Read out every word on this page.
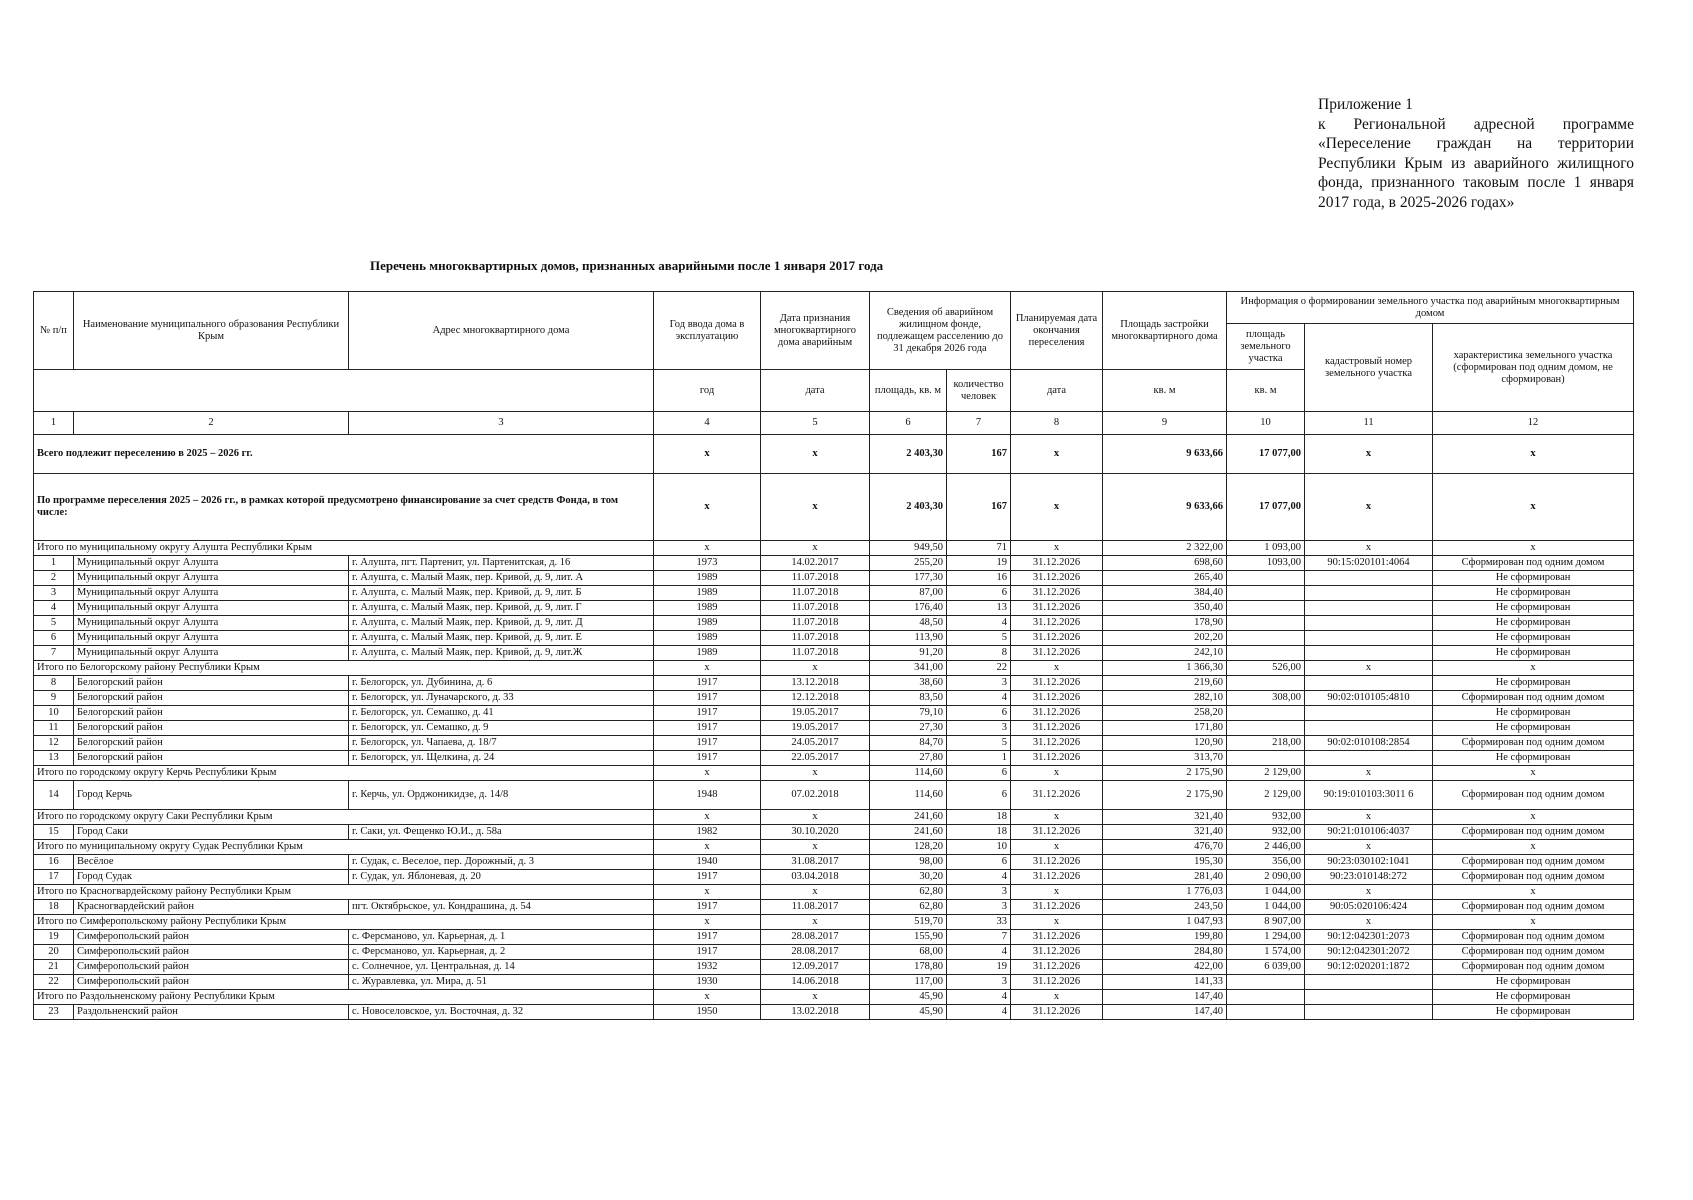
Приложение 1
к Региональной адресной программе «Переселение граждан на территории Республики Крым из аварийного жилищного фонда, признанного таковым после 1 января 2017 года, в 2025-2026 годах»
Перечень многоквартирных домов, признанных аварийными после 1 января 2017 года
№ п/п	Наименование муниципального образования Республики Крым	Адрес многоквартирного дома	Год ввода дома в эксплуатацию	Дата признания многоквартирного дома аварийным	Сведения об аварийном жилищном фонде, подлежащем расселению до 31 декабря 2026 года		Планируемая дата окончания переселения	Площадь застройки многоквартирного дома	Информация о формировании земельного участка под аварийным многоквартирным домом		
									площадь земельного участка	кадастровый номер земельного участка	характеристика земельного участка (сформирован под одним домом, не сформирован)
			год	дата	площадь, кв. м	количество человек	дата	кв. м	кв. м		
1	2	3	4	5	6	7	8	9	10	11	12
Всего подлежит переселению в 2025 – 2026 гг.			x	x	2 403,30	167	x	9 633,66	17 077,00	x	x
По программе переселения 2025 – 2026 гг., в рамках которой предусмотрено финансирование за счет средств Фонда, в том числе:			x	x	2 403,30	167	x	9 633,66	17 077,00	x	x
Итого по муниципальному округу Алушта Республики Крым			x	x	949,50	71	x	2 322,00	1 093,00	x	x
1	Муниципальный округ Алушта	г. Алушта, пгт. Партенит, ул. Партенитская, д. 16	1973	14.02.2017	255,20	19	31.12.2026	698,60	1093,00	90:15:020101:4064	Сформирован под одним домом
2	Муниципальный округ Алушта	г. Алушта, с. Малый Маяк, пер. Кривой, д. 9, лит. А	1989	11.07.2018	177,30	16	31.12.2026	265,40			Не сформирован
3	Муниципальный округ Алушта	г. Алушта, с. Малый Маяк, пер. Кривой, д. 9, лит. Б	1989	11.07.2018	87,00	6	31.12.2026	384,40			Не сформирован
4	Муниципальный округ Алушта	г. Алушта, с. Малый Маяк, пер. Кривой, д. 9, лит. Г	1989	11.07.2018	176,40	13	31.12.2026	350,40			Не сформирован
5	Муниципальный округ Алушта	г. Алушта, с. Малый Маяк, пер. Кривой, д. 9, лит. Д	1989	11.07.2018	48,50	4	31.12.2026	178,90			Не сформирован
6	Муниципальный округ Алушта	г. Алушта, с. Малый Маяк, пер. Кривой, д. 9, лит. Е	1989	11.07.2018	113,90	5	31.12.2026	202,20			Не сформирован
7	Муниципальный округ Алушта	г. Алушта, с. Малый Маяк, пер. Кривой, д. 9, лит.Ж	1989	11.07.2018	91,20	8	31.12.2026	242,10			Не сформирован
Итого по Белогорскому району Республики Крым			x	x	341,00	22	x	1 366,30	526,00	x	x
8	Белогорский район	г. Белогорск, ул. Дубинина, д. 6	1917	13.12.2018	38,60	3	31.12.2026	219,60			Не сформирован
9	Белогорский район	г. Белогорск, ул. Луначарского, д. 33	1917	12.12.2018	83,50	4	31.12.2026	282,10	308,00	90:02:010105:4810	Сформирован под одним домом
10	Белогорский район	г. Белогорск, ул. Семашко, д. 41	1917	19.05.2017	79,10	6	31.12.2026	258,20			Не сформирован
11	Белогорский район	г. Белогорск, ул. Семашко, д. 9	1917	19.05.2017	27,30	3	31.12.2026	171,80			Не сформирован
12	Белогорский район	г. Белогорск, ул. Чапаева, д. 18/7	1917	24.05.2017	84,70	5	31.12.2026	120,90	218,00	90:02:010108:2854	Сформирован под одним домом
13	Белогорский район	г. Белогорск, ул. Щелкина, д. 24	1917	22.05.2017	27,80	1	31.12.2026	313,70			Не сформирован
Итого по городскому округу Керчь Республики Крым			x	x	114,60	6	x	2 175,90	2 129,00	x	x
14	Город Керчь	г. Керчь, ул. Орджоникидзе, д. 14/8	1948	07.02.2018	114,60	6	31.12.2026	2 175,90	2 129,00	90:19:010103:3011 6	Сформирован под одним домом
Итого по городскому округу Саки Республики Крым			x	x	241,60	18	x	321,40	932,00	x	x
15	Город Саки	г. Саки, ул. Фещенко Ю.И., д. 58а	1982	30.10.2020	241,60	18	31.12.2026	321,40	932,00	90:21:010106:4037	Сформирован под одним домом
Итого по муниципальному округу Судак Республики Крым			x	x	128,20	10	x	476,70	2 446,00	x	x
16	Весёлое	г. Судак, с. Веселое, пер. Дорожный, д. 3	1940	31.08.2017	98,00	6	31.12.2026	195,30	356,00	90:23:030102:1041	Сформирован под одним домом
17	Город Судак	г. Судак, ул. Яблоневая, д. 20	1917	03.04.2018	30,20	4	31.12.2026	281,40	2 090,00	90:23:010148:272	Сформирован под одним домом
Итого по Красногвардейскому району Республики Крым			x	x	62,80	3	x	1 776,03	1 044,00	x	x
18	Красногвардейский район	пгт. Октябрьское, ул. Кондрашина, д. 54	1917	11.08.2017	62,80	3	31.12.2026	243,50	1 044,00	90:05:020106:424	Сформирован под одним домом
Итого по Симферопольскому району Республики Крым			x	x	519,70	33	x	1 047,93	8 907,00	x	x
19	Симферопольский район	с. Ферсманово, ул. Карьерная, д. 1	1917	28.08.2017	155,90	7	31.12.2026	199,80	1 294,00	90:12:042301:2073	Сформирован под одним домом
20	Симферопольский район	с. Ферсманово, ул. Карьерная, д. 2	1917	28.08.2017	68,00	4	31.12.2026	284,80	1 574,00	90:12:042301:2072	Сформирован под одним домом
21	Симферопольский район	с. Солнечное, ул. Центральная, д. 14	1932	12.09.2017	178,80	19	31.12.2026	422,00	6 039,00	90:12:020201:1872	Сформирован под одним домом
22	Симферопольский район	с. Журавлевка, ул. Мира, д. 51	1930	14.06.2018	117,00	3	31.12.2026	141,33			Не сформирован
Итого по Раздольненскому району Республики Крым			x	x	45,90	4	x	147,40			Не сформирован
23	Раздольненский район	с. Новоселовское, ул. Восточная, д. 32	1950	13.02.2018	45,90	4	31.12.2026	147,40			Не сформирован
